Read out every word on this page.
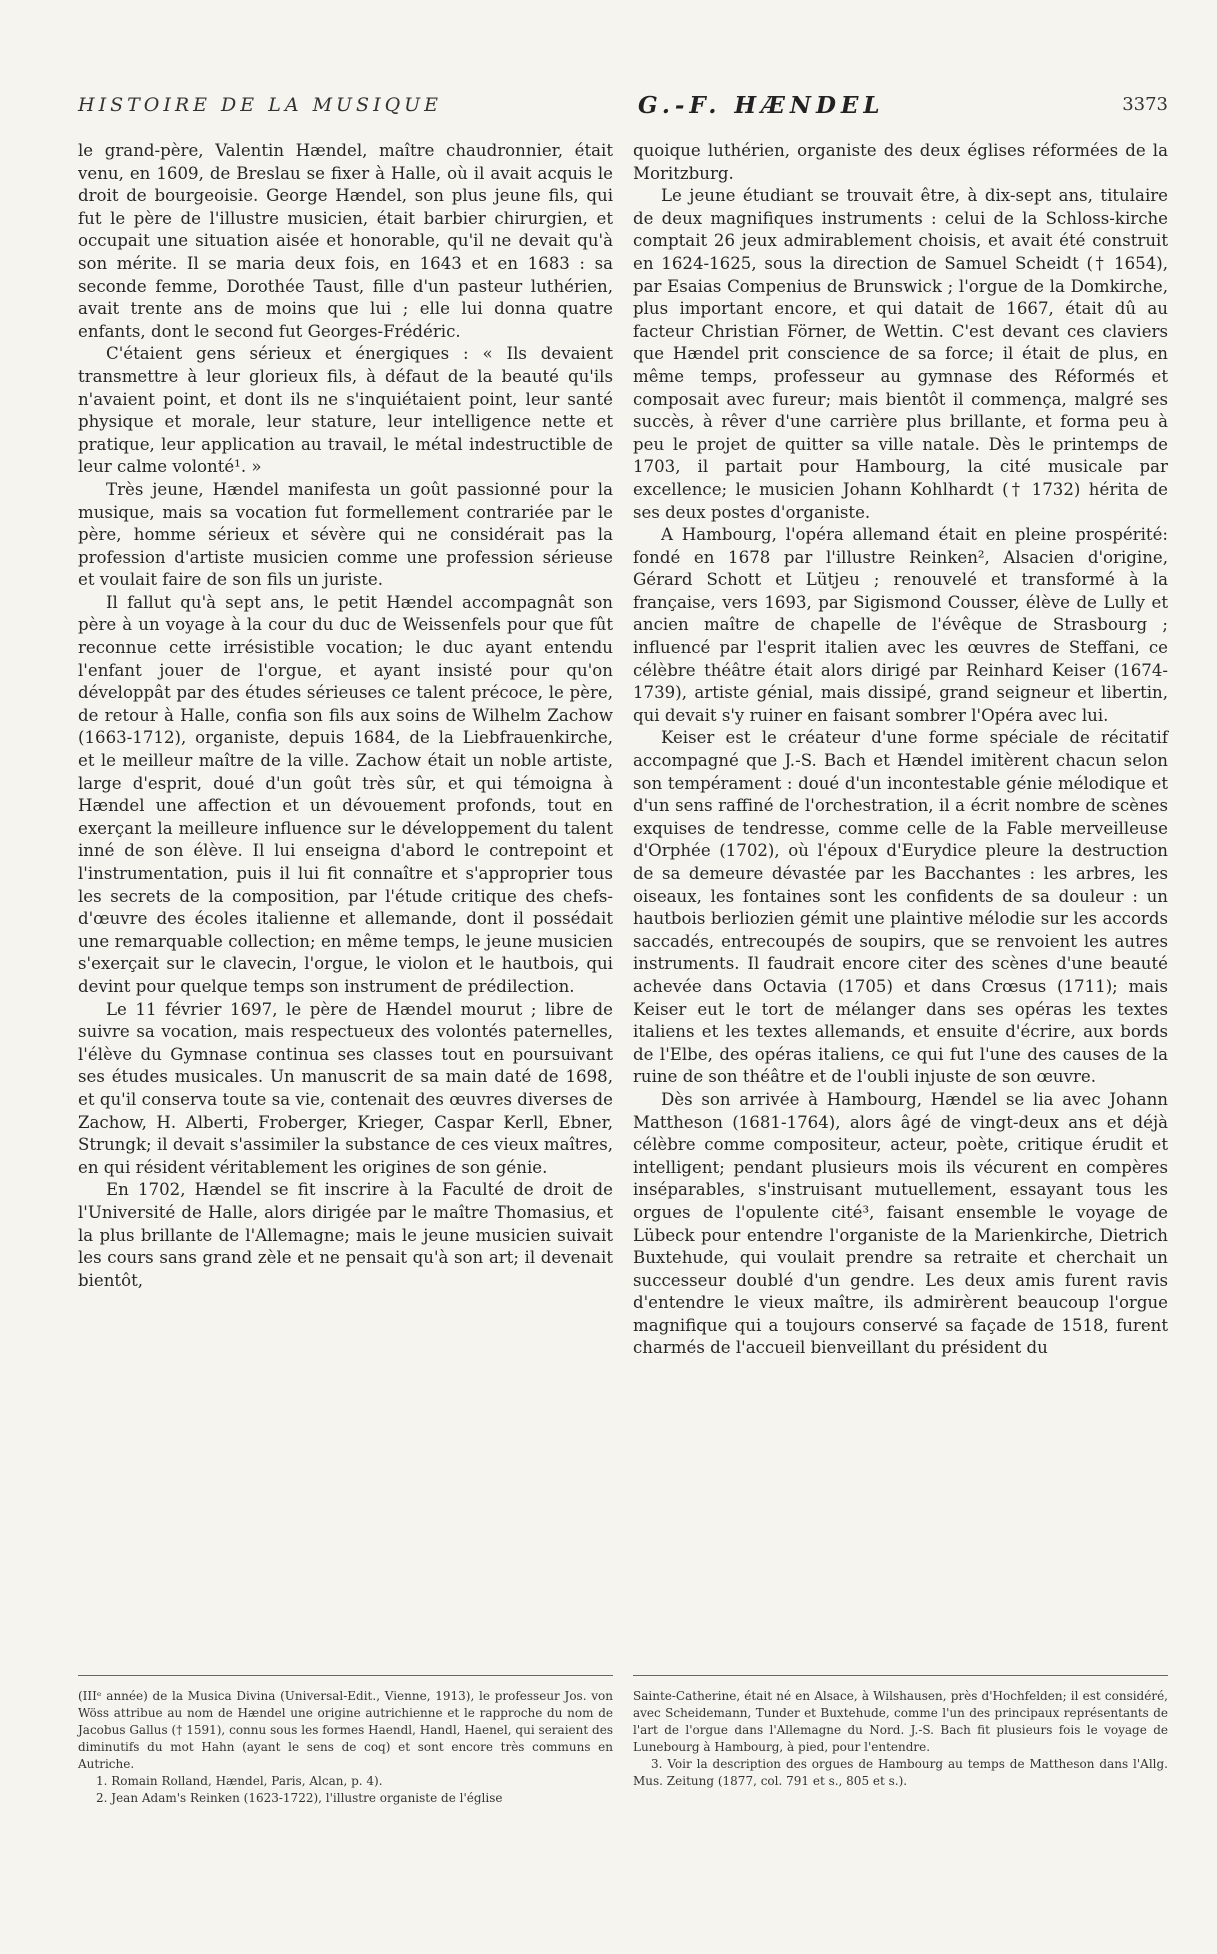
HISTOIRE DE LA MUSIQUE	G.-F. HÆNDEL	3373

le grand-père, Valentin Hændel, maître chaudronnier, était venu, en 1609, de Breslau se fixer à Halle, où il avait acquis le droit de bourgeoisie. George Hændel, son plus jeune fils, qui fut le père de l'illustre musicien, était barbier chirurgien, et occupait une situation aisée et honorable, qu'il ne devait qu'à son mérite. Il se maria deux fois, en 1643 et en 1683 : sa seconde femme, Dorothée Taust, fille d'un pasteur luthérien, avait trente ans de moins que lui ; elle lui donna quatre enfants, dont le second fut Georges-Frédéric.

C'étaient gens sérieux et énergiques : « Ils devaient transmettre à leur glorieux fils, à défaut de la beauté qu'ils n'avaient point, et dont ils ne s'inquiétaient point, leur santé physique et morale, leur stature, leur intelligence nette et pratique, leur application au travail, le métal indestructible de leur calme volonté¹. »

Très jeune, Hændel manifesta un goût passionné pour la musique, mais sa vocation fut formellement contrariée par le père, homme sérieux et sévère qui ne considérait pas la profession d'artiste musicien comme une profession sérieuse et voulait faire de son fils un juriste.

Il fallut qu'à sept ans, le petit Hændel accompagnât son père à un voyage à la cour du duc de Weissenfels pour que fût reconnue cette irrésistible vocation; le duc ayant entendu l'enfant jouer de l'orgue, et ayant insisté pour qu'on développât par des études sérieuses ce talent précoce, le père, de retour à Halle, confia son fils aux soins de Wilhelm Zachow (1663-1712), organiste, depuis 1684, de la Liebfrauenkirche, et le meilleur maître de la ville. Zachow était un noble artiste, large d'esprit, doué d'un goût très sûr, et qui témoigna à Hændel une affection et un dévouement profonds, tout en exerçant la meilleure influence sur le développement du talent inné de son élève. Il lui enseigna d'abord le contrepoint et l'instrumentation, puis il lui fit connaître et s'approprier tous les secrets de la composition, par l'étude critique des chefs-d'œuvre des écoles italienne et allemande, dont il possédait une remarquable collection; en même temps, le jeune musicien s'exerçait sur le clavecin, l'orgue, le violon et le hautbois, qui devint pour quelque temps son instrument de prédilection.

Le 11 février 1697, le père de Hændel mourut ; libre de suivre sa vocation, mais respectueux des volontés paternelles, l'élève du Gymnase continua ses classes tout en poursuivant ses études musicales. Un manuscrit de sa main daté de 1698, et qu'il conserva toute sa vie, contenait des œuvres diverses de Zachow, H. Alberti, Froberger, Krieger, Caspar Kerll, Ebner, Strungk; il devait s'assimiler la substance de ces vieux maîtres, en qui résident véritablement les origines de son génie.

En 1702, Hændel se fit inscrire à la Faculté de droit de l'Université de Halle, alors dirigée par le maître Thomasius, et la plus brillante de l'Allemagne; mais le jeune musicien suivait les cours sans grand zèle et ne pensait qu'à son art; il devenait bientôt,

quoique luthérien, organiste des deux églises réformées de la Moritzburg.

Le jeune étudiant se trouvait être, à dix-sept ans, titulaire de deux magnifiques instruments : celui de la Schloss-kirche comptait 26 jeux admirablement choisis, et avait été construit en 1624-1625, sous la direction de Samuel Scheidt († 1654), par Esaias Compenius de Brunswick ; l'orgue de la Domkirche, plus important encore, et qui datait de 1667, était dû au facteur Christian Förner, de Wettin. C'est devant ces claviers que Hændel prit conscience de sa force; il était de plus, en même temps, professeur au gymnase des Réformés et composait avec fureur; mais bientôt il commença, malgré ses succès, à rêver d'une carrière plus brillante, et forma peu à peu le projet de quitter sa ville natale. Dès le printemps de 1703, il partait pour Hambourg, la cité musicale par excellence; le musicien Johann Kohlhardt († 1732) hérita de ses deux postes d'organiste.

A Hambourg, l'opéra allemand était en pleine prospérité: fondé en 1678 par l'illustre Reinken², Alsacien d'origine, Gérard Schott et Lütjeu ; renouvelé et transformé à la française, vers 1693, par Sigismond Cousser, élève de Lully et ancien maître de chapelle de l'évêque de Strasbourg ; influencé par l'esprit italien avec les œuvres de Steffani, ce célèbre théâtre était alors dirigé par Reinhard Keiser (1674-1739), artiste génial, mais dissipé, grand seigneur et libertin, qui devait s'y ruiner en faisant sombrer l'Opéra avec lui.

Keiser est le créateur d'une forme spéciale de récitatif accompagné que J.-S. Bach et Hændel imitèrent chacun selon son tempérament : doué d'un incontestable génie mélodique et d'un sens raffiné de l'orchestration, il a écrit nombre de scènes exquises de tendresse, comme celle de la Fable merveilleuse d'Orphée (1702), où l'époux d'Eurydice pleure la destruction de sa demeure dévastée par les Bacchantes : les arbres, les oiseaux, les fontaines sont les confidents de sa douleur : un hautbois berliozien gémit une plaintive mélodie sur les accords saccadés, entrecoupés de soupirs, que se renvoient les autres instruments. Il faudrait encore citer des scènes d'une beauté achevée dans Octavia (1705) et dans Crœsus (1711); mais Keiser eut le tort de mélanger dans ses opéras les textes italiens et les textes allemands, et ensuite d'écrire, aux bords de l'Elbe, des opéras italiens, ce qui fut l'une des causes de la ruine de son théâtre et de l'oubli injuste de son œuvre.

Dès son arrivée à Hambourg, Hændel se lia avec Johann Mattheson (1681-1764), alors âgé de vingt-deux ans et déjà célèbre comme compositeur, acteur, poète, critique érudit et intelligent; pendant plusieurs mois ils vécurent en compères inséparables, s'instruisant mutuellement, essayant tous les orgues de l'opulente cité³, faisant ensemble le voyage de Lübeck pour entendre l'organiste de la Marienkirche, Dietrich Buxtehude, qui voulait prendre sa retraite et cherchait un successeur doublé d'un gendre. Les deux amis furent ravis d'entendre le vieux maître, ils admirèrent beaucoup l'orgue magnifique qui a toujours conservé sa façade de 1518, furent charmés de l'accueil bienveillant du président du

(IIIᵉ année) de la Musica Divina (Universal-Edit., Vienne, 1913), le professeur Jos. von Wöss attribue au nom de Hændel une origine autrichienne et le rapproche du nom de Jacobus Gallus († 1591), connu sous les formes Haendl, Handl, Haenel, qui seraient des diminutifs du mot Hahn (ayant le sens de coq) et sont encore très communs en Autriche.

1. Romain Rolland, Hændel, Paris, Alcan, p. 4).

2. Jean Adam's Reinken (1623-1722), l'illustre organiste de l'église

Sainte-Catherine, était né en Alsace, à Wilshausen, près d'Hochfelden; il est considéré, avec Scheidemann, Tunder et Buxtehude, comme l'un des principaux représentants de l'art de l'orgue dans l'Allemagne du Nord. J.-S. Bach fit plusieurs fois le voyage de Lunebourg à Hambourg, à pied, pour l'entendre.

3. Voir la description des orgues de Hambourg au temps de Mattheson dans l'Allg. Mus. Zeitung (1877, col. 791 et s., 805 et s.).
